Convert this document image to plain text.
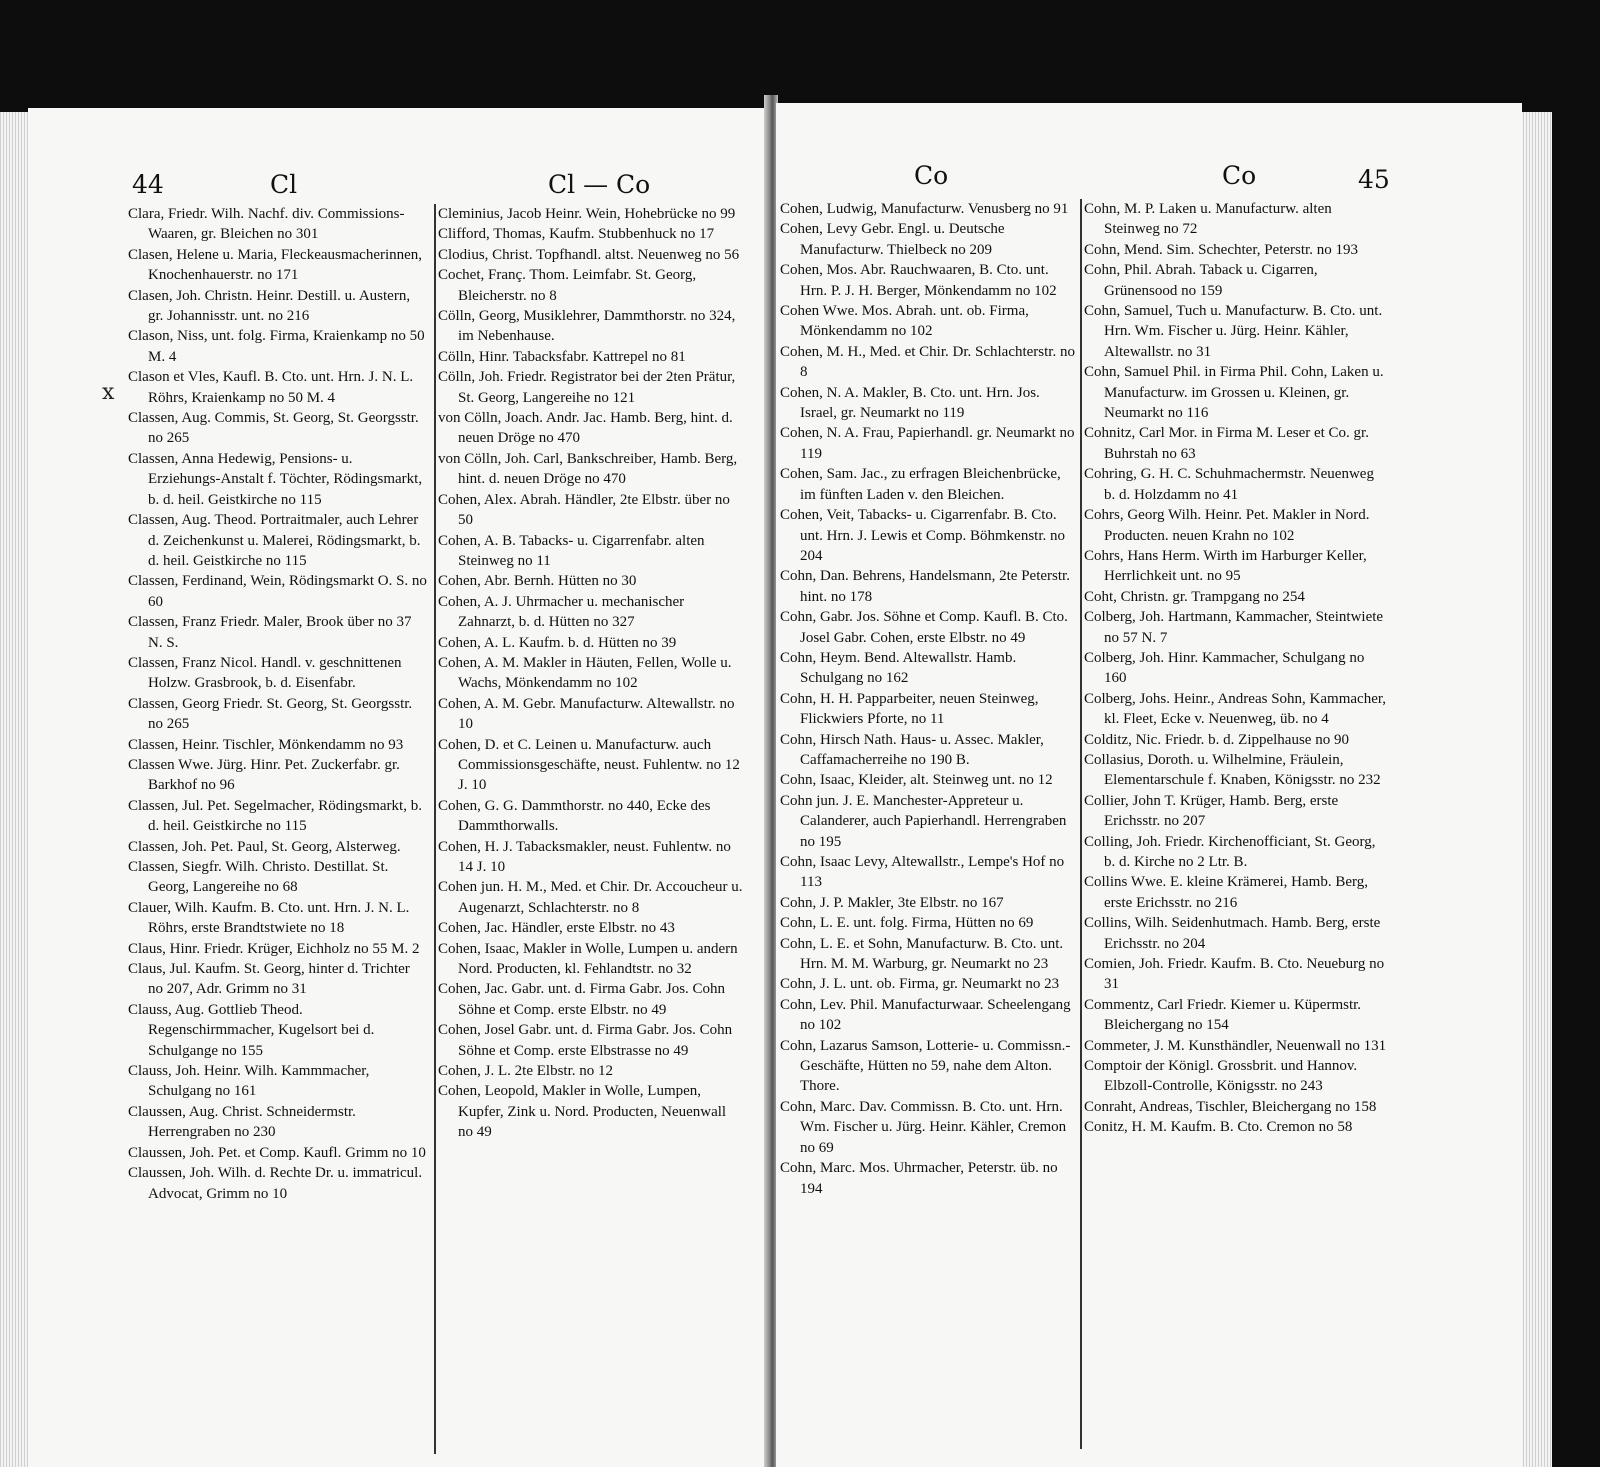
44	Cl	Cl — Co
x
Clara, Friedr. Wilh. Nachf. div. Commissions-Waaren, gr. Bleichen no 301
Clasen, Helene u. Maria, Fleckeausmacherinnen, Knochenhauerstr. no 171
Clasen, Joh. Christn. Heinr. Destill. u. Austern, gr. Johannisstr. unt. no 216
Clason, Niss, unt. folg. Firma, Kraienkamp no 50 M. 4
Clason et Vles, Kaufl. B. Cto. unt. Hrn. J. N. L. Röhrs, Kraienkamp no 50 M. 4
Classen, Aug. Commis, St. Georg, St. Georgsstr. no 265
Classen, Anna Hedewig, Pensions- u. Erziehungs-Anstalt f. Töchter, Rödingsmarkt, b. d. heil. Geistkirche no 115
Classen, Aug. Theod. Portraitmaler, auch Lehrer d. Zeichenkunst u. Malerei, Rödingsmarkt, b. d. heil. Geistkirche no 115
Classen, Ferdinand, Wein, Rödingsmarkt O. S. no 60
Classen, Franz Friedr. Maler, Brook über no 37 N. S.
Classen, Franz Nicol. Handl. v. geschnittenen Holzw. Grasbrook, b. d. Eisenfabr.
Classen, Georg Friedr. St. Georg, St. Georgsstr. no 265
Classen, Heinr. Tischler, Mönkendamm no 93
Classen Wwe. Jürg. Hinr. Pet. Zuckerfabr. gr. Barkhof no 96
Classen, Jul. Pet. Segelmacher, Rödingsmarkt, b. d. heil. Geistkirche no 115
Classen, Joh. Pet. Paul, St. Georg, Alsterweg.
Classen, Siegfr. Wilh. Christo. Destillat. St. Georg, Langereihe no 68
Clauer, Wilh. Kaufm. B. Cto. unt. Hrn. J. N. L. Röhrs, erste Brandtstwiete no 18
Claus, Hinr. Friedr. Krüger, Eichholz no 55 M. 2
Claus, Jul. Kaufm. St. Georg, hinter d. Trichter no 207, Adr. Grimm no 31
Clauss, Aug. Gottlieb Theod. Regenschirmmacher, Kugelsort bei d. Schulgange no 155
Clauss, Joh. Heinr. Wilh. Kammmacher, Schulgang no 161
Claussen, Aug. Christ. Schneidermstr. Herrengraben no 230
Claussen, Joh. Pet. et Comp. Kaufl. Grimm no 10
Claussen, Joh. Wilh. d. Rechte Dr. u. immatricul. Advocat, Grimm no 10
Cleminius, Jacob Heinr. Wein, Hohebrücke no 99
Clifford, Thomas, Kaufm. Stubbenhuck no 17
Clodius, Christ. Topfhandl. altst. Neuenweg no 56
Cochet, Franç. Thom. Leimfabr. St. Georg, Bleicherstr. no 8
Cölln, Georg, Musiklehrer, Dammthorstr. no 324, im Nebenhause.
Cölln, Hinr. Tabacksfabr. Kattrepel no 81
Cölln, Joh. Friedr. Registrator bei der 2ten Prätur, St. Georg, Langereihe no 121
von Cölln, Joach. Andr. Jac. Hamb. Berg, hint. d. neuen Dröge no 470
von Cölln, Joh. Carl, Bankschreiber, Hamb. Berg, hint. d. neuen Dröge no 470
Cohen, Alex. Abrah. Händler, 2te Elbstr. über no 50
Cohen, A. B. Tabacks- u. Cigarrenfabr. alten Steinweg no 11
Cohen, Abr. Bernh. Hütten no 30
Cohen, A. J. Uhrmacher u. mechanischer Zahnarzt, b. d. Hütten no 327
Cohen, A. L. Kaufm. b. d. Hütten no 39
Cohen, A. M. Makler in Häuten, Fellen, Wolle u. Wachs, Mönkendamm no 102
Cohen, A. M. Gebr. Manufacturw. Altewallstr. no 10
Cohen, D. et C. Leinen u. Manufacturw. auch Commissionsgeschäfte, neust. Fuhlentw. no 12 J. 10
Cohen, G. G. Dammthorstr. no 440, Ecke des Dammthorwalls.
Cohen, H. J. Tabacksmakler, neust. Fuhlentw. no 14 J. 10
Cohen jun. H. M., Med. et Chir. Dr. Accoucheur u. Augenarzt, Schlachterstr. no 8
Cohen, Jac. Händler, erste Elbstr. no 43
Cohen, Isaac, Makler in Wolle, Lumpen u. andern Nord. Producten, kl. Fehlandtstr. no 32
Cohen, Jac. Gabr. unt. d. Firma Gabr. Jos. Cohn Söhne et Comp. erste Elbstr. no 49
Cohen, Josel Gabr. unt. d. Firma Gabr. Jos. Cohn Söhne et Comp. erste Elbstrasse no 49
Cohen, J. L. 2te Elbstr. no 12
Cohen, Leopold, Makler in Wolle, Lumpen, Kupfer, Zink u. Nord. Producten, Neuenwall no 49
Co	Co	45
Cohen, Ludwig, Manufacturw. Venusberg no 91
Cohen, Levy Gebr. Engl. u. Deutsche Manufacturw. Thielbeck no 209
Cohen, Mos. Abr. Rauchwaaren, B. Cto. unt. Hrn. P. J. H. Berger, Mönkendamm no 102
Cohen Wwe. Mos. Abrah. unt. ob. Firma, Mönkendamm no 102
Cohen, M. H., Med. et Chir. Dr. Schlachterstr. no 8
Cohen, N. A. Makler, B. Cto. unt. Hrn. Jos. Israel, gr. Neumarkt no 119
Cohen, N. A. Frau, Papierhandl. gr. Neumarkt no 119
Cohen, Sam. Jac., zu erfragen Bleichenbrücke, im fünften Laden v. den Bleichen.
Cohen, Veit, Tabacks- u. Cigarrenfabr. B. Cto. unt. Hrn. J. Lewis et Comp. Böhmkenstr. no 204
Cohn, Dan. Behrens, Handelsmann, 2te Peterstr. hint. no 178
Cohn, Gabr. Jos. Söhne et Comp. Kaufl. B. Cto. Josel Gabr. Cohen, erste Elbstr. no 49
Cohn, Heym. Bend. Altewallstr. Hamb. Schulgang no 162
Cohn, H. H. Papparbeiter, neuen Steinweg, Flickwiers Pforte, no 11
Cohn, Hirsch Nath. Haus- u. Assec. Makler, Caffamacherreihe no 190 B.
Cohn, Isaac, Kleider, alt. Steinweg unt. no 12
Cohn jun. J. E. Manchester-Appreteur u. Calanderer, auch Papierhandl. Herrengraben no 195
Cohn, Isaac Levy, Altewallstr., Lempe's Hof no 113
Cohn, J. P. Makler, 3te Elbstr. no 167
Cohn, L. E. unt. folg. Firma, Hütten no 69
Cohn, L. E. et Sohn, Manufacturw. B. Cto. unt. Hrn. M. M. Warburg, gr. Neumarkt no 23
Cohn, J. L. unt. ob. Firma, gr. Neumarkt no 23
Cohn, Lev. Phil. Manufacturwaar. Scheelengang no 102
Cohn, Lazarus Samson, Lotterie- u. Commissn.-Geschäfte, Hütten no 59, nahe dem Alton. Thore.
Cohn, Marc. Dav. Commissn. B. Cto. unt. Hrn. Wm. Fischer u. Jürg. Heinr. Kähler, Cremon no 69
Cohn, Marc. Mos. Uhrmacher, Peterstr. üb. no 194
Cohn, M. P. Laken u. Manufacturw. alten Steinweg no 72
Cohn, Mend. Sim. Schechter, Peterstr. no 193
Cohn, Phil. Abrah. Taback u. Cigarren, Grünensood no 159
Cohn, Samuel, Tuch u. Manufacturw. B. Cto. unt. Hrn. Wm. Fischer u. Jürg. Heinr. Kähler, Altewallstr. no 31
Cohn, Samuel Phil. in Firma Phil. Cohn, Laken u. Manufacturw. im Grossen u. Kleinen, gr. Neumarkt no 116
Cohnitz, Carl Mor. in Firma M. Leser et Co. gr. Buhrstah no 63
Cohring, G. H. C. Schuhmachermstr. Neuenweg b. d. Holzdamm no 41
Cohrs, Georg Wilh. Heinr. Pet. Makler in Nord. Producten. neuen Krahn no 102
Cohrs, Hans Herm. Wirth im Harburger Keller, Herrlichkeit unt. no 95
Coht, Christn. gr. Trampgang no 254
Colberg, Joh. Hartmann, Kammacher, Steintwiete no 57 N. 7
Colberg, Joh. Hinr. Kammacher, Schulgang no 160
Colberg, Johs. Heinr., Andreas Sohn, Kammacher, kl. Fleet, Ecke v. Neuenweg, üb. no 4
Colditz, Nic. Friedr. b. d. Zippelhause no 90
Collasius, Doroth. u. Wilhelmine, Fräulein, Elementarschule f. Knaben, Königsstr. no 232
Collier, John T. Krüger, Hamb. Berg, erste Erichsstr. no 207
Colling, Joh. Friedr. Kirchenofficiant, St. Georg, b. d. Kirche no 2 Ltr. B.
Collins Wwe. E. kleine Krämerei, Hamb. Berg, erste Erichsstr. no 216
Collins, Wilh. Seidenhutmach. Hamb. Berg, erste Erichsstr. no 204
Comien, Joh. Friedr. Kaufm. B. Cto. Neueburg no 31
Commentz, Carl Friedr. Kiemer u. Küpermstr. Bleichergang no 154
Commeter, J. M. Kunsthändler, Neuenwall no 131
Comptoir der Königl. Grossbrit. und Hannov. Elbzoll-Controlle, Königsstr. no 243
Conraht, Andreas, Tischler, Bleichergang no 158
Conitz, H. M. Kaufm. B. Cto. Cremon no 58
